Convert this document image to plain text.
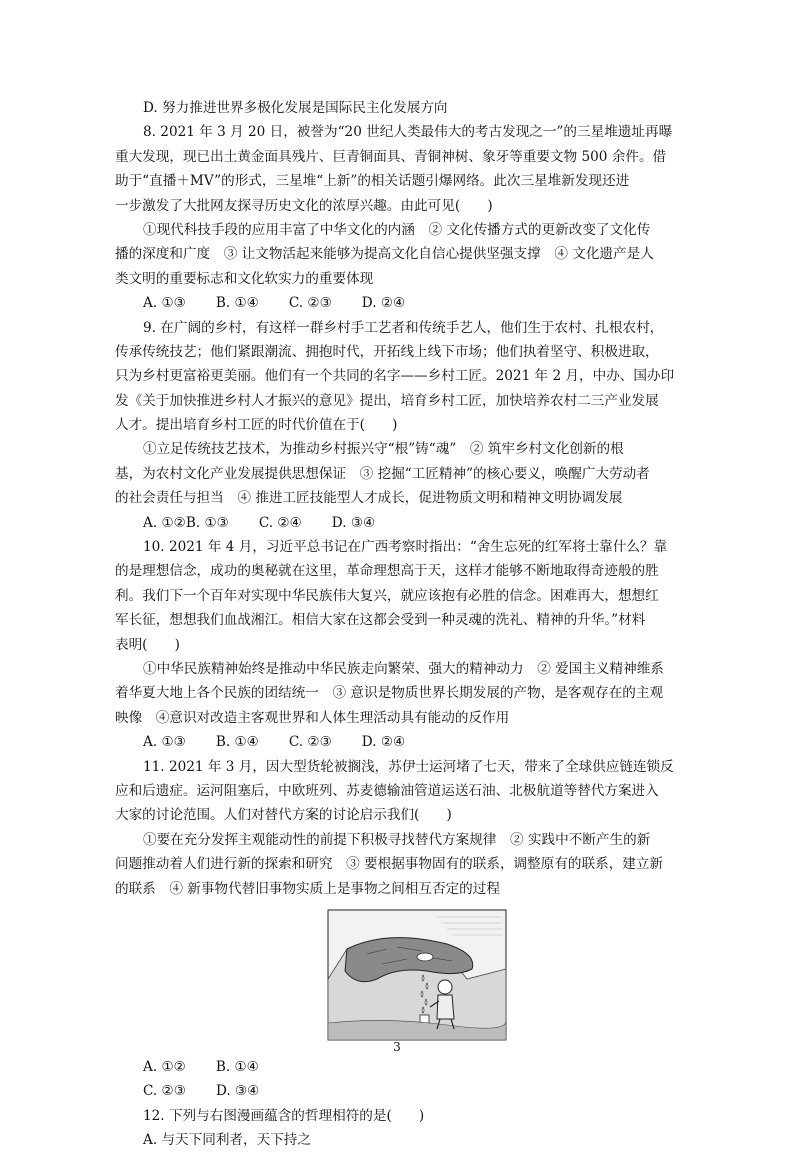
D. 努力推进世界多极化发展是国际民主化发展方向
8. 2021 年 3 月 20 日，被誉为“20 世纪人类最伟大的考古发现之一”的三星堆遗址再曝
重大发现，现已出土黄金面具残片、巨青铜面具、青铜神树、象牙等重要文物 500 余件。借
助于“直播＋MV”的形式，三星堆“上新”的相关话题引爆网络。此次三星堆新发现还进
一步激发了大批网友探寻历史文化的浓厚兴趣。由此可见(　　)
①现代科技手段的应用丰富了中华文化的内涵　② 文化传播方式的更新改变了文化传
播的深度和广度　③ 让文物活起来能够为提高文化自信心提供坚强支撑　④ 文化遗产是人
类文明的重要标志和文化软实力的重要体现
A. ①③ B. ①④ C. ②③ D. ②④
9. 在广阔的乡村，有这样一群乡村手工艺者和传统手艺人，他们生于农村、扎根农村，
传承传统技艺；他们紧跟潮流、拥抱时代，开拓线上线下市场；他们执着坚守、积极进取，
只为乡村更富裕更美丽。他们有一个共同的名字——乡村工匠。2021 年 2 月，中办、国办印
发《关于加快推进乡村人才振兴的意见》提出，培育乡村工匠，加快培养农村二三产业发展
人才。提出培育乡村工匠的时代价值在于(　　)
①立足传统技艺技术，为推动乡村振兴守“根”铸“魂”　② 筑牢乡村文化创新的根
基，为农村文化产业发展提供思想保证　③ 挖掘“工匠精神”的核心要义，唤醒广大劳动者
的社会责任与担当　④ 推进工匠技能型人才成长，促进物质文明和精神文明协调发展
A. ①②B. ①③ C. ②④ D. ③④
10. 2021 年 4 月，习近平总书记在广西考察时指出：“舍生忘死的红军将士靠什么？靠
的是理想信念，成功的奥秘就在这里，革命理想高于天，这样才能够不断地取得奇迹般的胜
利。我们下一个百年对实现中华民族伟大复兴，就应该抱有必胜的信念。困难再大，想想红
军长征，想想我们血战湘江。相信大家在这都会受到一种灵魂的洗礼、精神的升华。”材料
表明(　　)
①中华民族精神始终是推动中华民族走向繁荣、强大的精神动力　② 爱国主义精神维系
着华夏大地上各个民族的团结统一　③ 意识是物质世界长期发展的产物，是客观存在的主观
映像　④意识对改造主客观世界和人体生理活动具有能动的反作用
A. ①③ B. ①④ C. ②③ D. ②④
11. 2021 年 3 月，因大型货轮被搁浅，苏伊士运河堵了七天，带来了全球供应链连锁反
应和后遗症。运河阻塞后，中欧班列、苏麦德输油管道运送石油、北极航道等替代方案进入
大家的讨论范围。人们对替代方案的讨论启示我们(　　)
①要在充分发挥主观能动性的前提下积极寻找替代方案规律　② 实践中不断产生的新
问题推动着人们进行新的探索和研究　③ 要根据事物固有的联系，调整原有的联系，建立新
的联系　④ 新事物代替旧事物实质上是事物之间相互否定的过程
A. ①② B. ①④
C. ②③ D. ③④
12. 下列与右图漫画蕴含的哲理相符的是(　　)
A. 与天下同利者，天下持之
3
